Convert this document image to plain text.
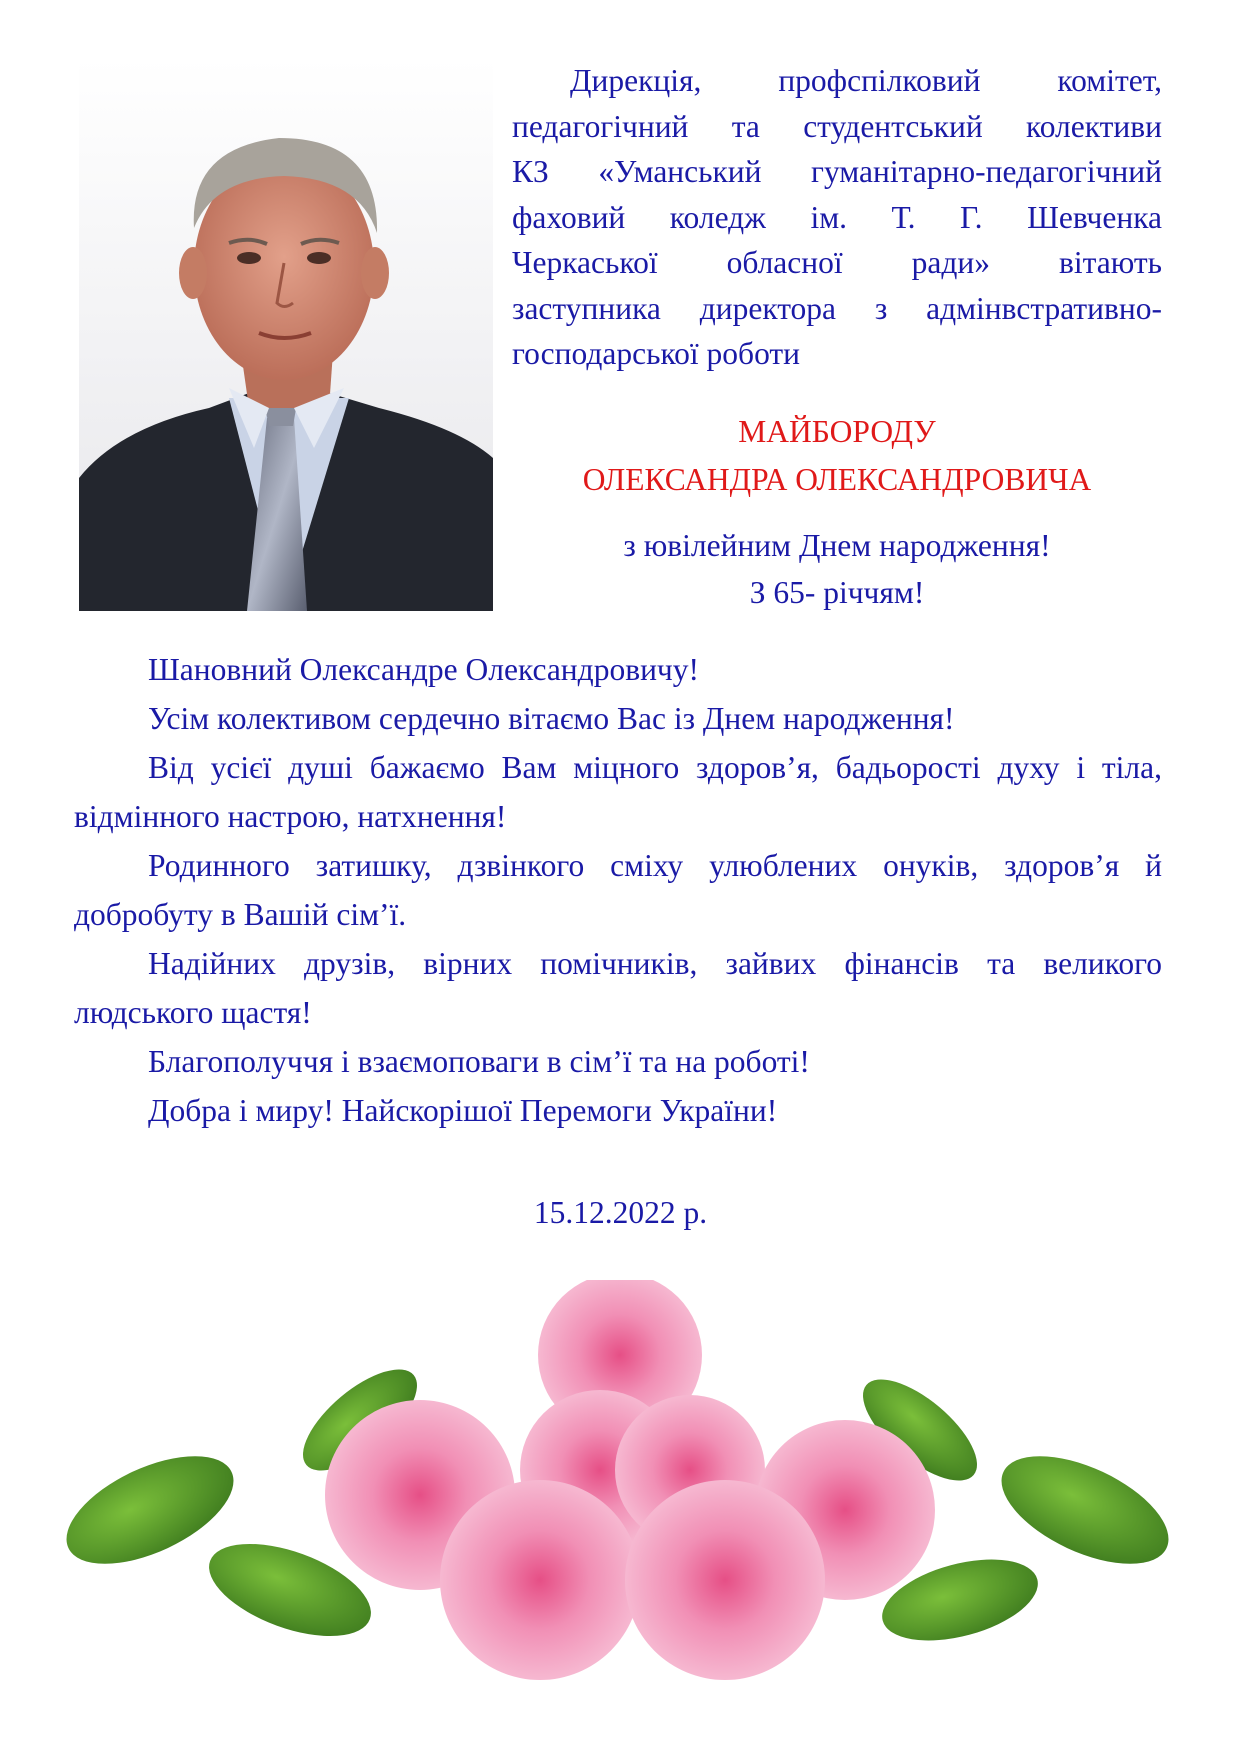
Дирекція, профспілковий комітет,
педагогічний та студентський колективи
КЗ «Уманський гуманітарно-педагогічний
фаховий коледж ім. Т. Г. Шевченка
Черкаської обласної ради» вітають
заступника директора з адмінвстративно-
господарської роботи
МАЙБОРОДУ
ОЛЕКСАНДРА ОЛЕКСАНДРОВИЧА
з ювілейним Днем народження!
З 65- річчям!

Шановний Олександре Олександровичу!

Усім колективом сердечно вітаємо Вас із Днем народження!

Від усієї душі бажаємо Вам міцного здоров’я, бадьорості духу і тіла, відмінного настрою, натхнення!

Родинного затишку, дзвінкого сміху улюблених онуків, здоров’я й добробуту в Вашій сім’ї.

Надійних друзів, вірних помічників, зайвих фінансів та великого людського щастя!

Благополуччя і взаємоповаги в сім’ї та на роботі!

Добра і миру! Найскорішої Перемоги України!

15.12.2022 р.
